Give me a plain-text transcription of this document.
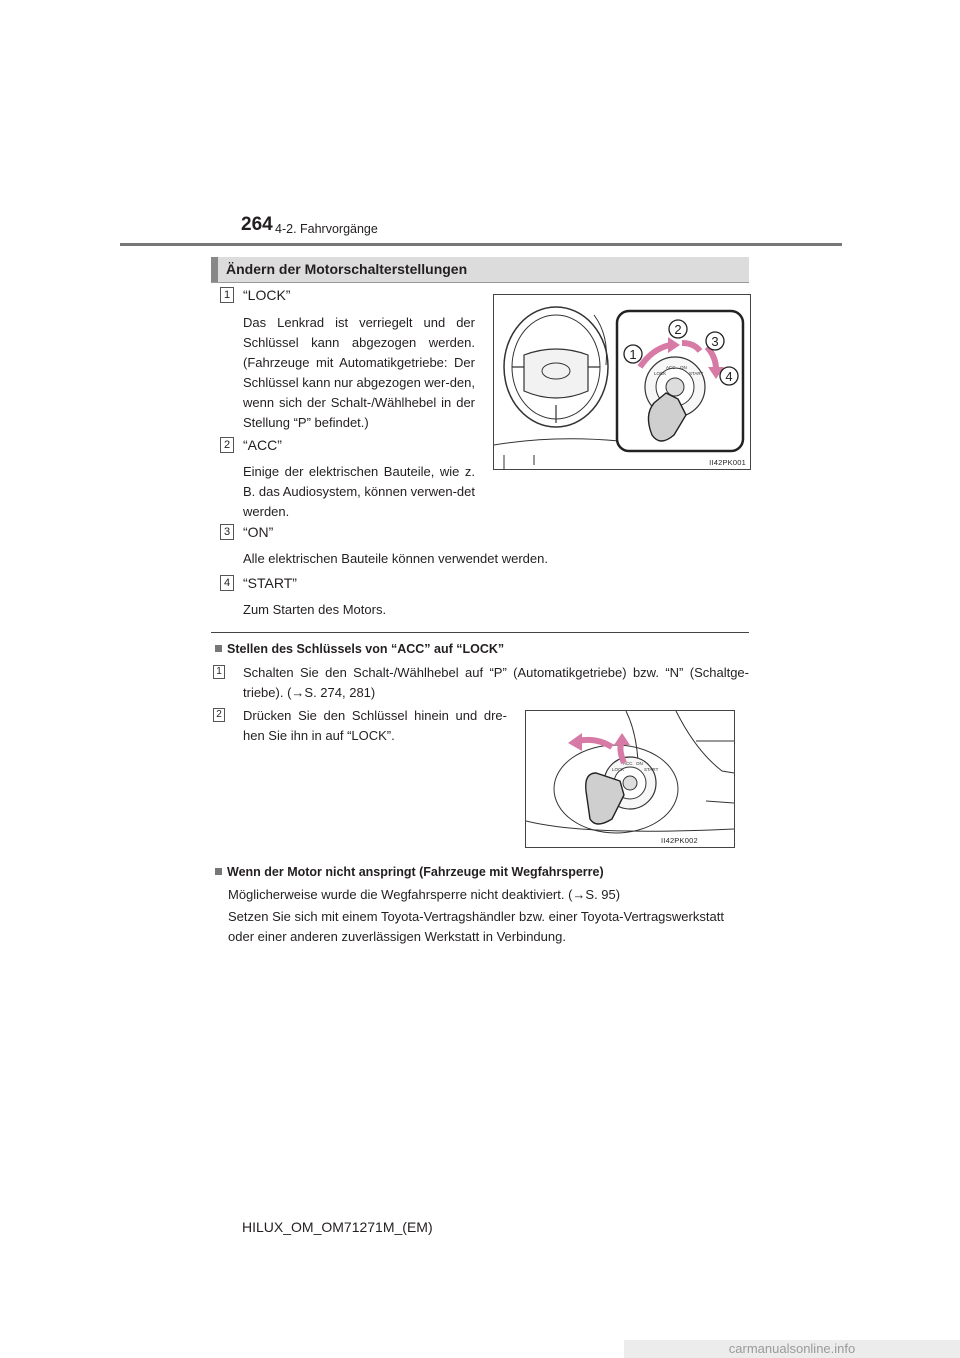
264 4-2. Fahrvorgänge
Ändern der Motorschalterstellungen
1 “LOCK”
Das Lenkrad ist verriegelt und der Schlüssel kann abgezogen werden. (Fahrzeuge mit Automatikgetriebe: Der Schlüssel kann nur abgezogen wer-den, wenn sich der Schalt-/Wählhebel in der Stellung “P” befindet.)
2 “ACC”
Einige der elektrischen Bauteile, wie z. B. das Audiosystem, können verwen-det werden.
3 “ON”
Alle elektrischen Bauteile können verwendet werden.
4 “START”
Zum Starten des Motors.
LOCK
ACC ON
START
1
2
3
4
II42PK001
Stellen des Schlüssels von “ACC” auf “LOCK”
1 Schalten Sie den Schalt-/Wählhebel auf “P” (Automatikgetriebe) bzw. “N” (Schaltge-triebe). (→S. 274, 281)
2 Drücken Sie den Schlüssel hinein und dre-hen Sie ihn in auf “LOCK”.
LOCK
ACC ON
START
II42PK002
Wenn der Motor nicht anspringt (Fahrzeuge mit Wegfahrsperre)
Möglicherweise wurde die Wegfahrsperre nicht deaktiviert. (→S. 95)
Setzen Sie sich mit einem Toyota-Vertragshändler bzw. einer Toyota-Vertragswerkstatt oder einer anderen zuverlässigen Werkstatt in Verbindung.
HILUX_OM_OM71271M_(EM)
carmanualsonline.info
